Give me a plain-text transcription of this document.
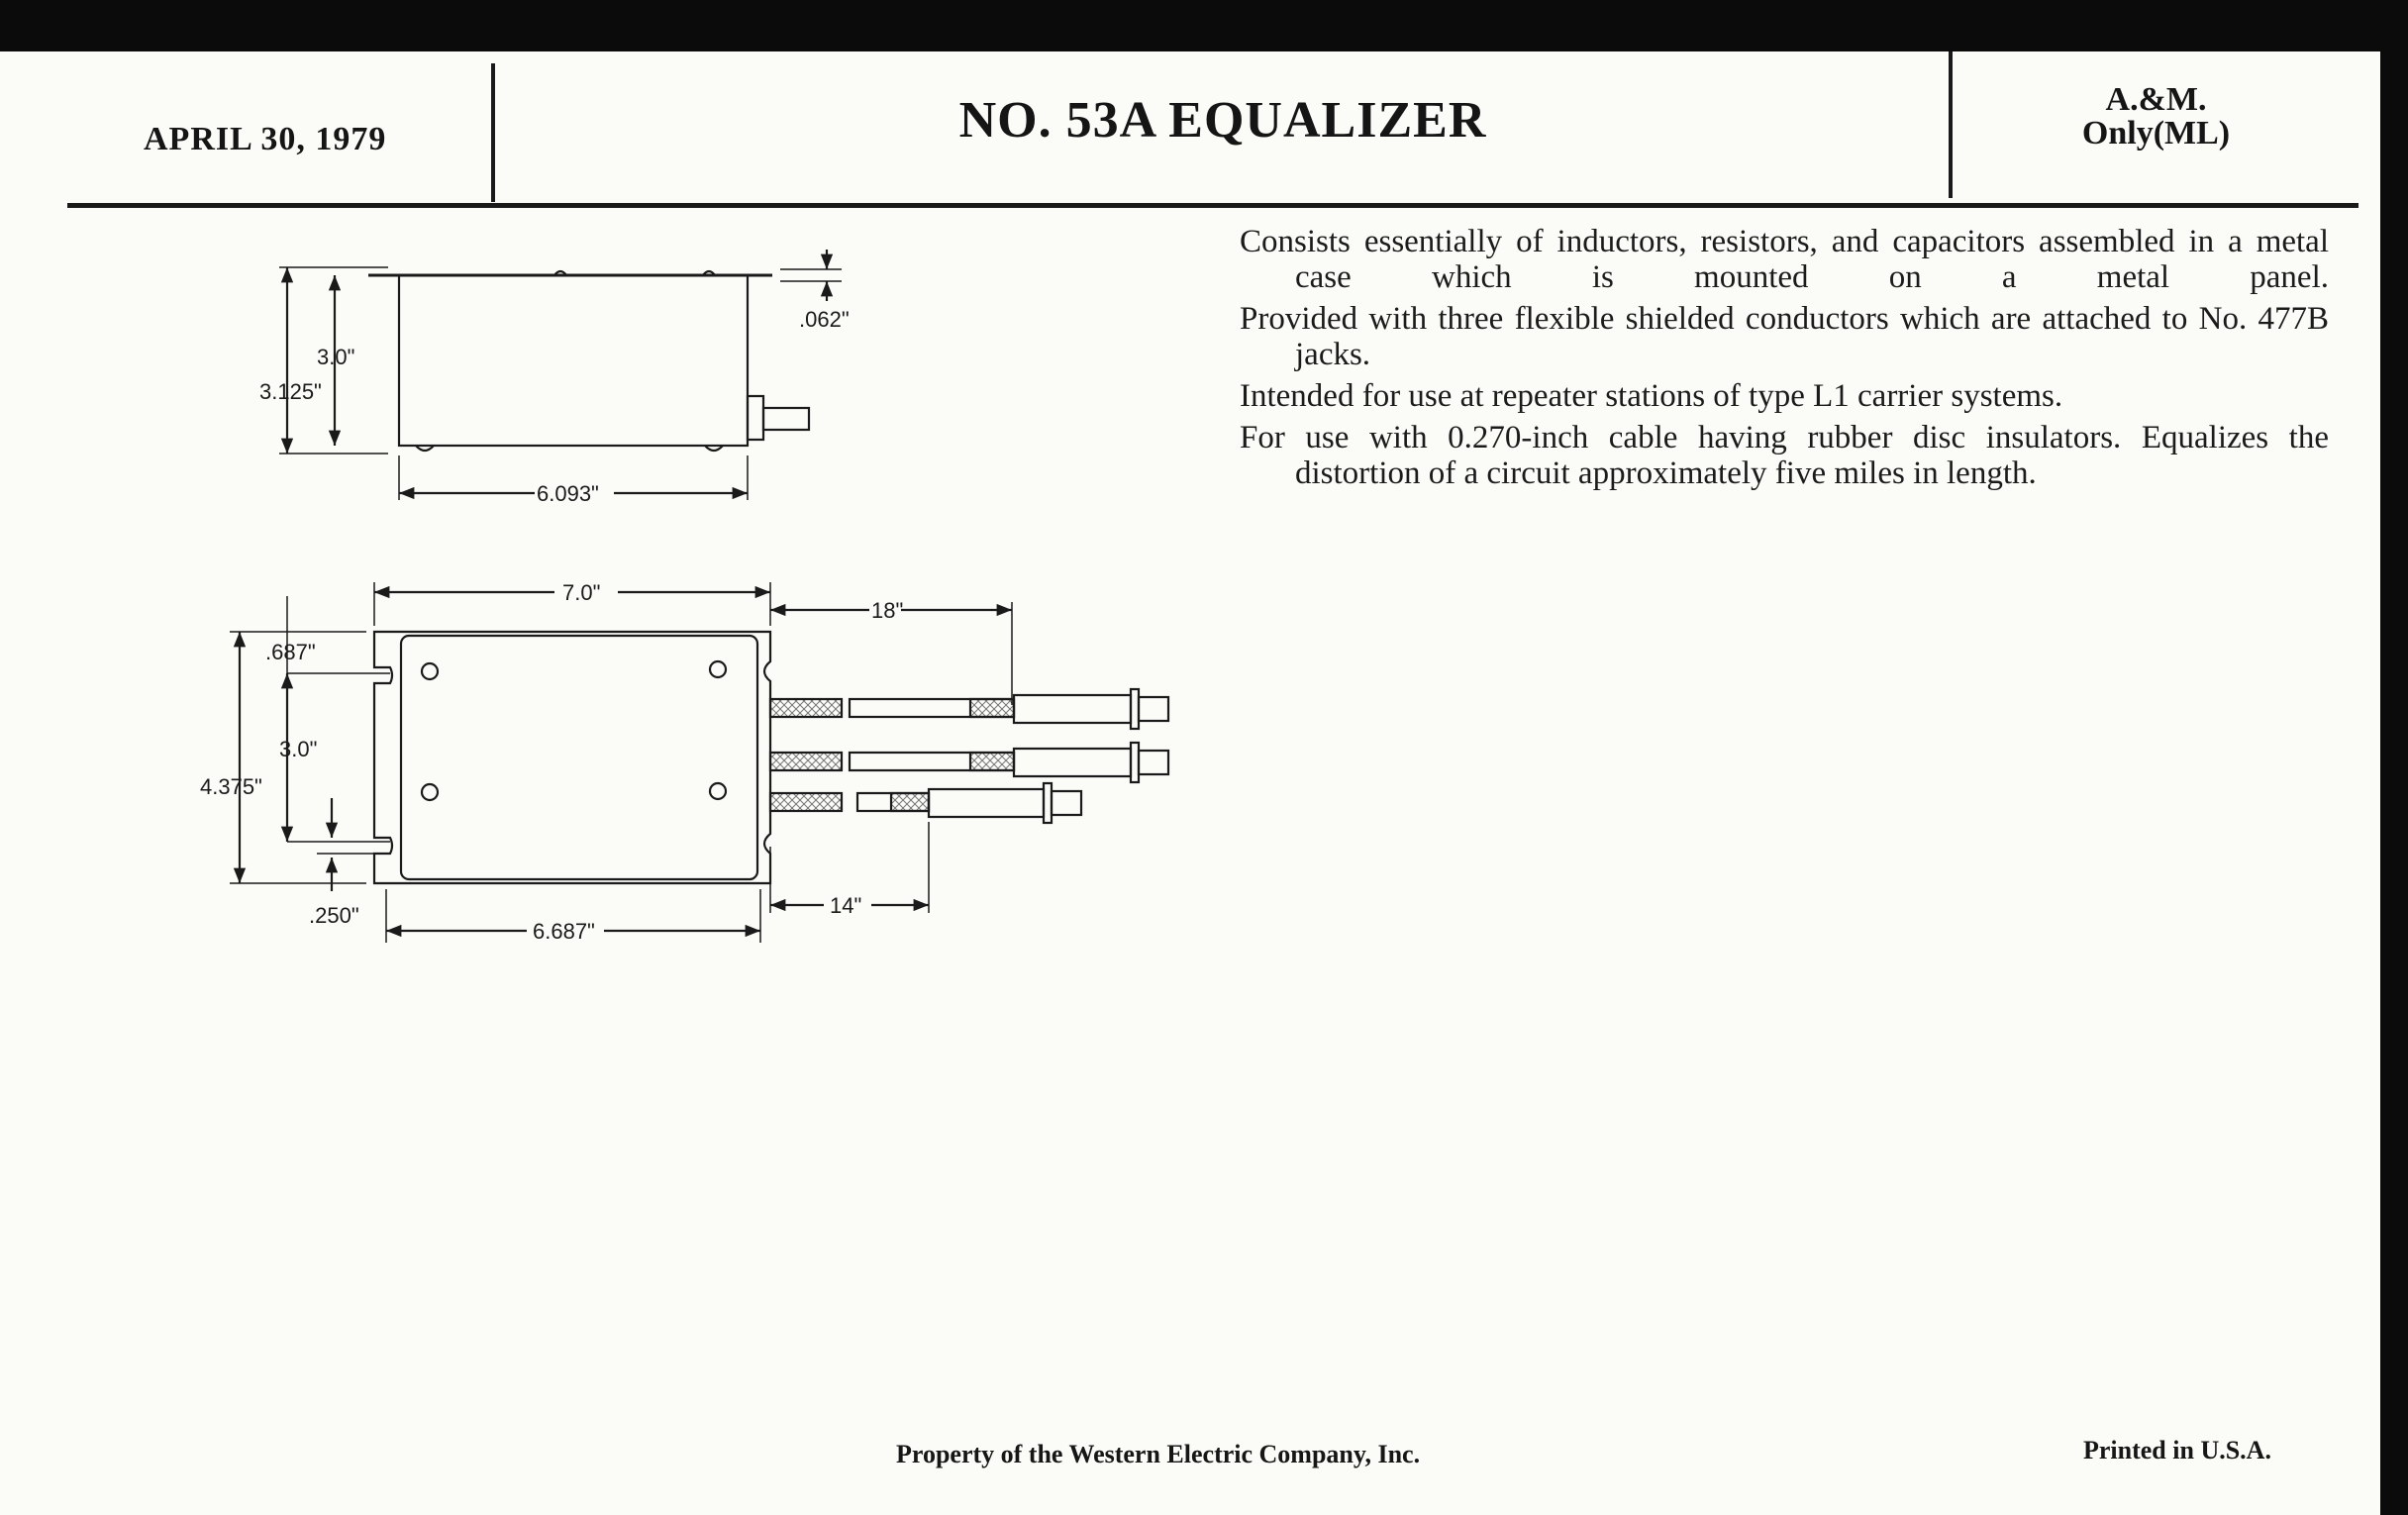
APRIL 30, 1979	NO. 53A EQUALIZER	A.&M.
Only(ML)

Consists essentially of inductors, resistors, and capacitors assembled in a metal case which is mounted on a metal panel.

Provided with three flexible shielded conductors which are attached to No. 477B jacks.

Intended for use at repeater stations of type L1 carrier systems.

For use with 0.270-inch cable having rubber disc insulators. Equalizes the distortion of a circuit approximately five miles in length.

Property of the Western Electric Company, Inc.	Printed in U.S.A.
3.125"
3.0"
.062"
6.093"
7.0"
18"
14"
.687"
3.0"
4.375"
.250"
6.687"
